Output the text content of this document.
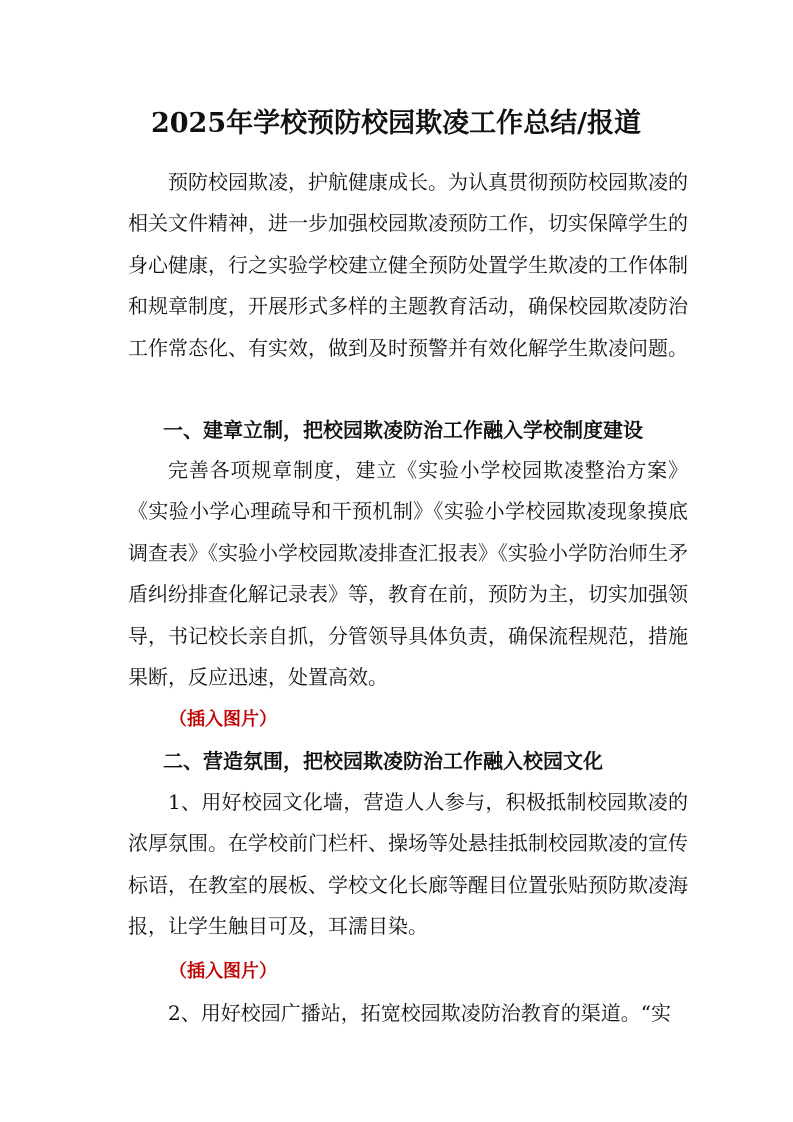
2025年学校预防校园欺凌工作总结/报道
预防校园欺凌，护航健康成长。为认真贯彻预防校园欺凌的相关文件精神，进一步加强校园欺凌预防工作，切实保障学生的身心健康，行之实验学校建立健全预防处置学生欺凌的工作体制和规章制度，开展形式多样的主题教育活动，确保校园欺凌防治工作常态化、有实效，做到及时预警并有效化解学生欺凌问题。
一、建章立制，把校园欺凌防治工作融入学校制度建设
完善各项规章制度，建立《实验小学校园欺凌整治方案》《实验小学心理疏导和干预机制》《实验小学校园欺凌现象摸底调查表》《实验小学校园欺凌排查汇报表》《实验小学防治师生矛盾纠纷排查化解记录表》等，教育在前，预防为主，切实加强领导，书记校长亲自抓，分管领导具体负责，确保流程规范，措施果断，反应迅速，处置高效。
（插入图片）
二、营造氛围，把校园欺凌防治工作融入校园文化
1、用好校园文化墙，营造人人参与，积极抵制校园欺凌的浓厚氛围。在学校前门栏杆、操场等处悬挂抵制校园欺凌的宣传标语，在教室的展板、学校文化长廊等醒目位置张贴预防欺凌海报，让学生触目可及，耳濡目染。
（插入图片）
2、用好校园广播站，拓宽校园欺凌防治教育的渠道。“实
